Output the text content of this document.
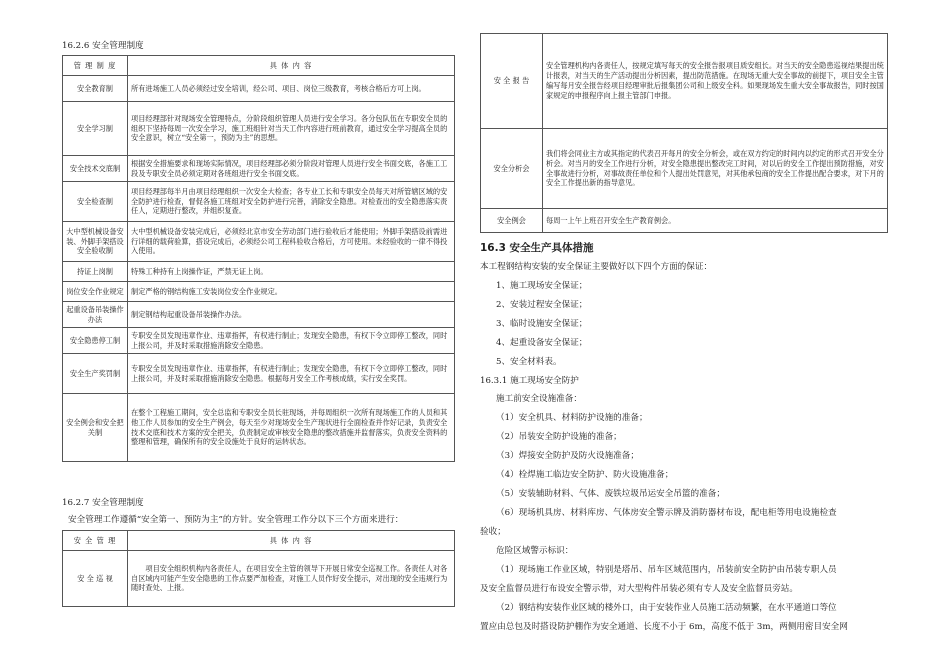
16.2.6 安全管理制度
管 理 制 度	具 体 内 容
安全教育制	所有进场施工人员必须经过安全培训，经公司、项目、岗位三级教育，考核合格后方可上岗。
安全学习制	项目经理部针对现场安全管理特点，分阶段组织管理人员进行安全学习。各分包队伍在专职安全员的组织下坚持每周一次安全学习，施工班组针对当天工作内容进行班前教育，通过安全学习提高全员的安全意识，树立“安全第一，预防为主”的思想。
安全技术交底制	根据安全措施要求和现场实际情况，项目经理部必须分阶段对管理人员进行安全书面交底，各施工工段及专职安全员必须定期对各班组进行安全书面交底。
安全检查制	项目经理部每半月由项目经理组织一次安全大检查；各专业工长和专职安全员每天对所管辖区域的安全防护进行检查，督促各施工班组对安全防护进行完善，消除安全隐患。对检查出的安全隐患落实责任人，定期进行整改，并组织复查。
大中型机械设备安装、外脚手架搭设安全验收制	大中型机械设备安装完成后，必须经北京市安全劳动部门进行验收后才能使用；外脚手架搭设前需进行详细的载荷验算，搭设完成后，必须经公司工程科验收合格后，方可使用。未经验收的一律不得投入使用。
持证上岗制	特殊工种持有上岗操作证，严禁无证上岗。
岗位安全作业规定	制定严格的钢结构施工安装岗位安全作业规定。
起重设备吊装操作办法	制定钢结构起重设备吊装操作办法。
安全隐患停工制	专职安全员发现违章作业、违章指挥，有权进行制止；发现安全隐患，有权下令立即停工整改，同时上报公司，并及时采取措施消除安全隐患。
安全生产奖罚制	专职安全员发现违章作业、违章指挥，有权进行制止；发现安全隐患，有权下令立即停工整改，同时上报公司，并及时采取措施消除安全隐患。根据每月安全工作考核成绩，实行安全奖罚。
安全例会和安全把关制	在整个工程施工期间，安全总监和专职安全员长驻现场，并每周组织一次所有现场施工作的人员和其他工作人员参加的安全生产例会，每天至少对现场安全生产现状进行全面检查并作好记录，负责安全技术交底和技术方案的安全把关，负责制定或审核安全隐患的整改措施并监督落实，负责安全资料的整理和管理，确保所有的安全设施处于良好的运转状态。
16.2.7 安全管理制度
安全管理工作遵循“安全第一、预防为主”的方针。安全管理工作分以下三个方面来进行：
安 全 管 理	具 体 内 容
安 全 巡 视	项目安全组织机构内各责任人，在项目安全主管的领导下开展日常安全巡视工作。各责任人对各自区域内可能产生安全隐患的工作点要严加检查，对施工人员作好安全提示，对出现的安全违规行为随时查处、上报。
安 全 报 告	安全管理机构内各责任人，按规定填写每天的安全报告报项目质安组长。对当天的安全隐患巡视结果提出统计报表，对当天的生产活动提出分析因素，提出防范措施。在现场无重大安全事故的前提下，项目安全主管编写每月安全报告经项目经理审批后报集团公司和上级安全科。如果现场发生重大安全事故报告，同时按国家规定的申报程序向上报主管部门申报。
安全分析会	我们将会同业主方或其指定的代表召开每月的安全分析会，或在双方约定的时间内以约定的形式召开安全分析会。对当月的安全工作进行分析，对安全隐患提出整改完工时间，对以后的安全工作提出预防措施，对安全事故进行分析，对事故责任单位和个人提出处罚意见，对其他承包商的安全工作提出配合要求，对下月的安全工作提出新的指导意见。
安全例会	每周一上午上班召开安全生产教育例会。
16.3 安全生产具体措施
本工程钢结构安装的安全保证主要做好以下四个方面的保证：
1、施工现场安全保证；
2、安装过程安全保证；
3、临时设施安全保证；
4、起重设备安全保证；
5、安全材料表。
16.3.1 施工现场安全防护
施工前安全设施准备：
（1）安全机具、材料防护设施的准备；
（2）吊装安全防护设施的准备；
（3）焊接安全防护及防火设施准备；
（4）栓焊施工临边安全防护、防火设施准备；
（5）安装辅助材料、气体、废铁垃圾吊运安全吊篮的准备；
（6）现场机具房、材料库房、气体房安全警示牌及消防器材布设，配电柜等用电设施检查
验收；
危险区域警示标识：
（1）现场施工作业区域，特别是塔吊、吊车区域范围内，吊装前安全防护由吊装专职人员
及安全监督员进行布设安全警示带，对大型构件吊装必须有专人及安全监督员旁站。
（2）钢结构安装作业区域的楼外口，由于安装作业人员施工活动频繁，在水平通道口等位
置应由总包及时搭设防护棚作为安全通道、长度不小于 6m，高度不低于 3m，两侧用密目安全网
